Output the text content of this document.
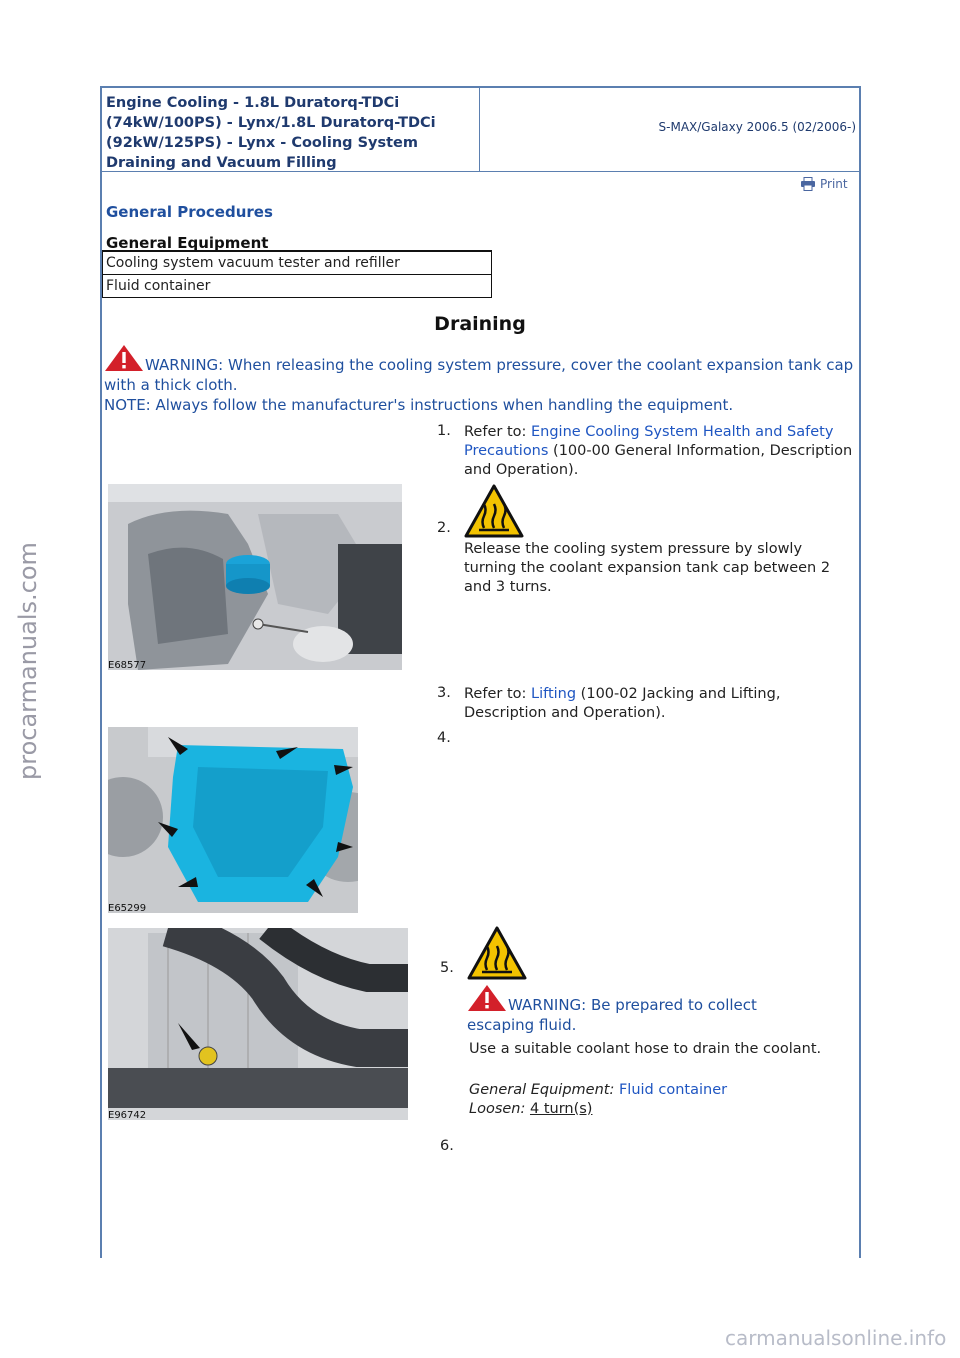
Engine Cooling - 1.8L Duratorq-TDCi (74kW/100PS) - Lynx/1.8L Duratorq-TDCi (92kW/125PS) - Lynx - Cooling System Draining and Vacuum Filling
S-MAX/Galaxy 2006.5 (02/2006-)
Print
General Procedures
General Equipment
Cooling system vacuum tester and refiller
Fluid container
Draining
WARNING: When releasing the cooling system pressure, cover the coolant expansion tank cap with a thick cloth.
NOTE: Always follow the manufacturer's instructions when handling the equipment.
1. Refer to: Engine Cooling System Health and Safety Precautions (100-00 General Information, Description and Operation).
E68577
2.
Release the cooling system pressure by slowly turning the coolant expansion tank cap between 2 and 3 turns.
3. Refer to: Lifting (100-02 Jacking and Lifting, Description and Operation).
E65299
4.
E96742
5.
WARNING: Be prepared to collect escaping fluid.
Use a suitable coolant hose to drain the coolant.
General Equipment: Fluid container
Loosen: 4 turn(s)
6.
procarmanuals.com
carmanualsonline.info
